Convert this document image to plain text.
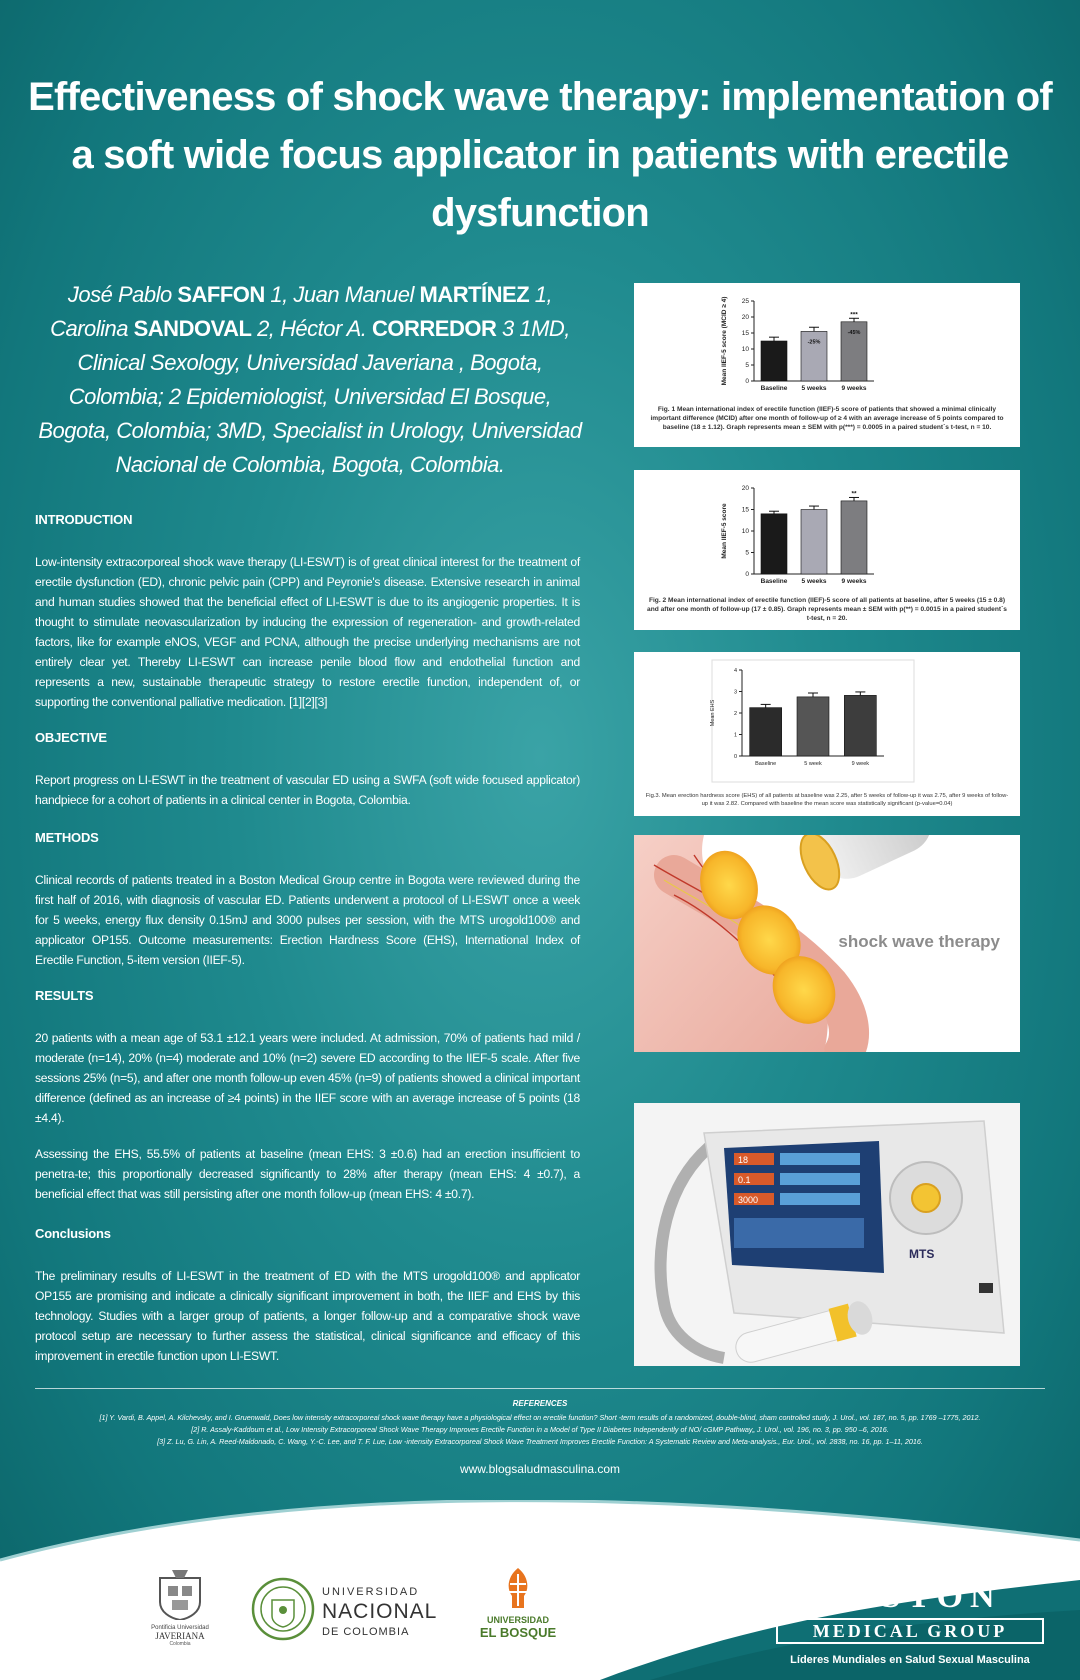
Effectiveness of shock wave therapy: implementation of a soft wide focus applicator in patients with erectile dysfunction
José Pablo SAFFON 1, Juan Manuel MARTÍNEZ 1,
Carolina SANDOVAL 2, Héctor A. CORREDOR 3 1MD, Clinical Sexology, Universidad Javeriana , Bogota, Colombia; 2 Epidemiologist, Universidad El Bosque, Bogota, Colombia; 3MD, Specialist in Urology, Universidad Nacional de Colombia, Bogota, Colombia.
INTRODUCTION
Low-intensity extracorporeal shock wave therapy (LI-ESWT) is of great clinical interest for the treatment of erectile dysfunction (ED), chronic pelvic pain (CPP) and Peyronie's disease. Extensive research in animal and human studies showed that the beneficial effect of LI-ESWT is due to its angiogenic properties. It is thought to stimulate neovascularization by inducing the expression of regeneration- and growth-related factors, like for example eNOS, VEGF and PCNA, although the precise underlying mechanisms are not entirely clear yet. Thereby LI-ESWT can increase penile blood flow and endothelial function and represents a new, sustainable therapeutic strategy to restore erectile function, independent of, or supporting the conventional palliative medication. [1][2][3]
OBJECTIVE
Report progress on LI-ESWT in the treatment of vascular ED using a SWFA (soft wide focused applicator) handpiece for a cohort of patients in a clinical center in Bogota, Colombia.
METHODS
Clinical records of patients treated in a Boston Medical Group centre in Bogota were reviewed during the first half of 2016, with diagnosis of vascular ED. Patients underwent a protocol of LI-ESWT once a week for 5 weeks, energy flux density 0.15mJ and 3000 pulses per session, with the MTS urogold100® and applicator OP155. Outcome measurements: Erection Hardness Score (EHS), International Index of Erectile Function, 5-item version (IIEF-5).
RESULTS
20 patients with a mean age of 53.1 ±12.1 years were included. At admission, 70% of patients had mild / moderate (n=14), 20% (n=4) moderate and 10% (n=2) severe ED according to the IIEF-5 scale. After five sessions 25% (n=5), and after one month follow-up even 45% (n=9) of patients showed a clinical important difference (defined as an increase of ≥4 points) in the IIEF score with an average increase of 5 points (18 ±4.4).
Assessing the EHS, 55.5% of patients at baseline (mean EHS: 3 ±0.6) had an erection insufficient to penetra-te; this proportionally decreased significantly to 28% after therapy (mean EHS: 4 ±0.7), a beneficial effect that was still persisting after one month follow-up (mean EHS: 4 ±0.7).
Conclusions
The preliminary results of LI-ESWT in the treatment of ED with the MTS urogold100® and applicator OP155 are promising and indicate a clinically significant improvement in both, the IIEF and EHS by this technology. Studies with a larger group of patients, a longer follow-up and a comparative shock wave protocol setup are necessary to further assess the statistical, clinical significance and efficacy of this improvement in erectile function upon LI-ESWT.
0
5
10
15
20
25
Mean IIEF-5 score (MCID ≥ 4)
Baseline 5 weeks
-25%
9 weeks
-45%
***
Fig. 1 Mean international index of erectile function (IIEF)-5 score of patients that showed a minimal clinically important difference (MCID) after one month of follow-up of ≥ 4 with an average increase of 5 points compared to baseline (18 ± 1.12). Graph represents mean ± SEM with p(***) = 0.0005 in a paired student´s t-test, n = 10.
0
5
10
15
20
Mean IIEF-5 score
Baseline 5 weeks 9 weeks
**
Fig. 2 Mean international index of erectile function (IIEF)-5 score of all patients at baseline, after 5 weeks (15 ± 0.8) and after one month of follow-up (17 ± 0.85). Graph represents mean ± SEM with p(**) = 0.0015 in a paired student´s t-test, n = 20.
0
1
2
3
4
Mean EHS
Baseline	5 week	9 week
Fig.3. Mean erection hardness score (EHS) of all patients at baseline was 2.25, after 5 weeks of follow-up it was 2.75, after 9 weeks of follow-up it was 2.82. Compared with baseline the mean score was statistically significant (p-value=0.04)
shock wave therapy
18
0.1
3000
MTS
REFERENCES
[1] Y. Vardi, B. Appel, A. Kilchevsky, and I. Gruenwald, Does low intensity extracorporeal shock wave therapy have a physiological effect on erectile function? Short -term results of a randomized, double-blind, sham controlled study, J. Urol., vol. 187, no. 5, pp. 1769 –1775, 2012.
[2] R. Assaly-Kaddoum et al., Low Intensity Extracorporeal Shock Wave Therapy Improves Erectile Function in a Model of Type II Diabetes Independently of NO/ cGMP Pathway„ J. Urol., vol. 196, no. 3, pp. 950 –6, 2016.
[3] Z. Lu, G. Lin, A. Reed-Maldonado, C. Wang, Y.-C. Lee, and T. F. Lue, Low -intensity Extracorporeal Shock Wave Treatment Improves Erectile Function: A Systematic Review and Meta-analysis., Eur. Urol., vol. 2838, no. 16, pp. 1–11, 2016.
www.blogsaludmasculina.com
Pontificia Universidad
JAVERIANA
Colombia
UNIVERSIDAD
NACIONAL
DE COLOMBIA
UNIVERSIDAD
EL BOSQUE
BOSTON
MEDICAL GROUP
Líderes Mundiales en Salud Sexual Masculina
